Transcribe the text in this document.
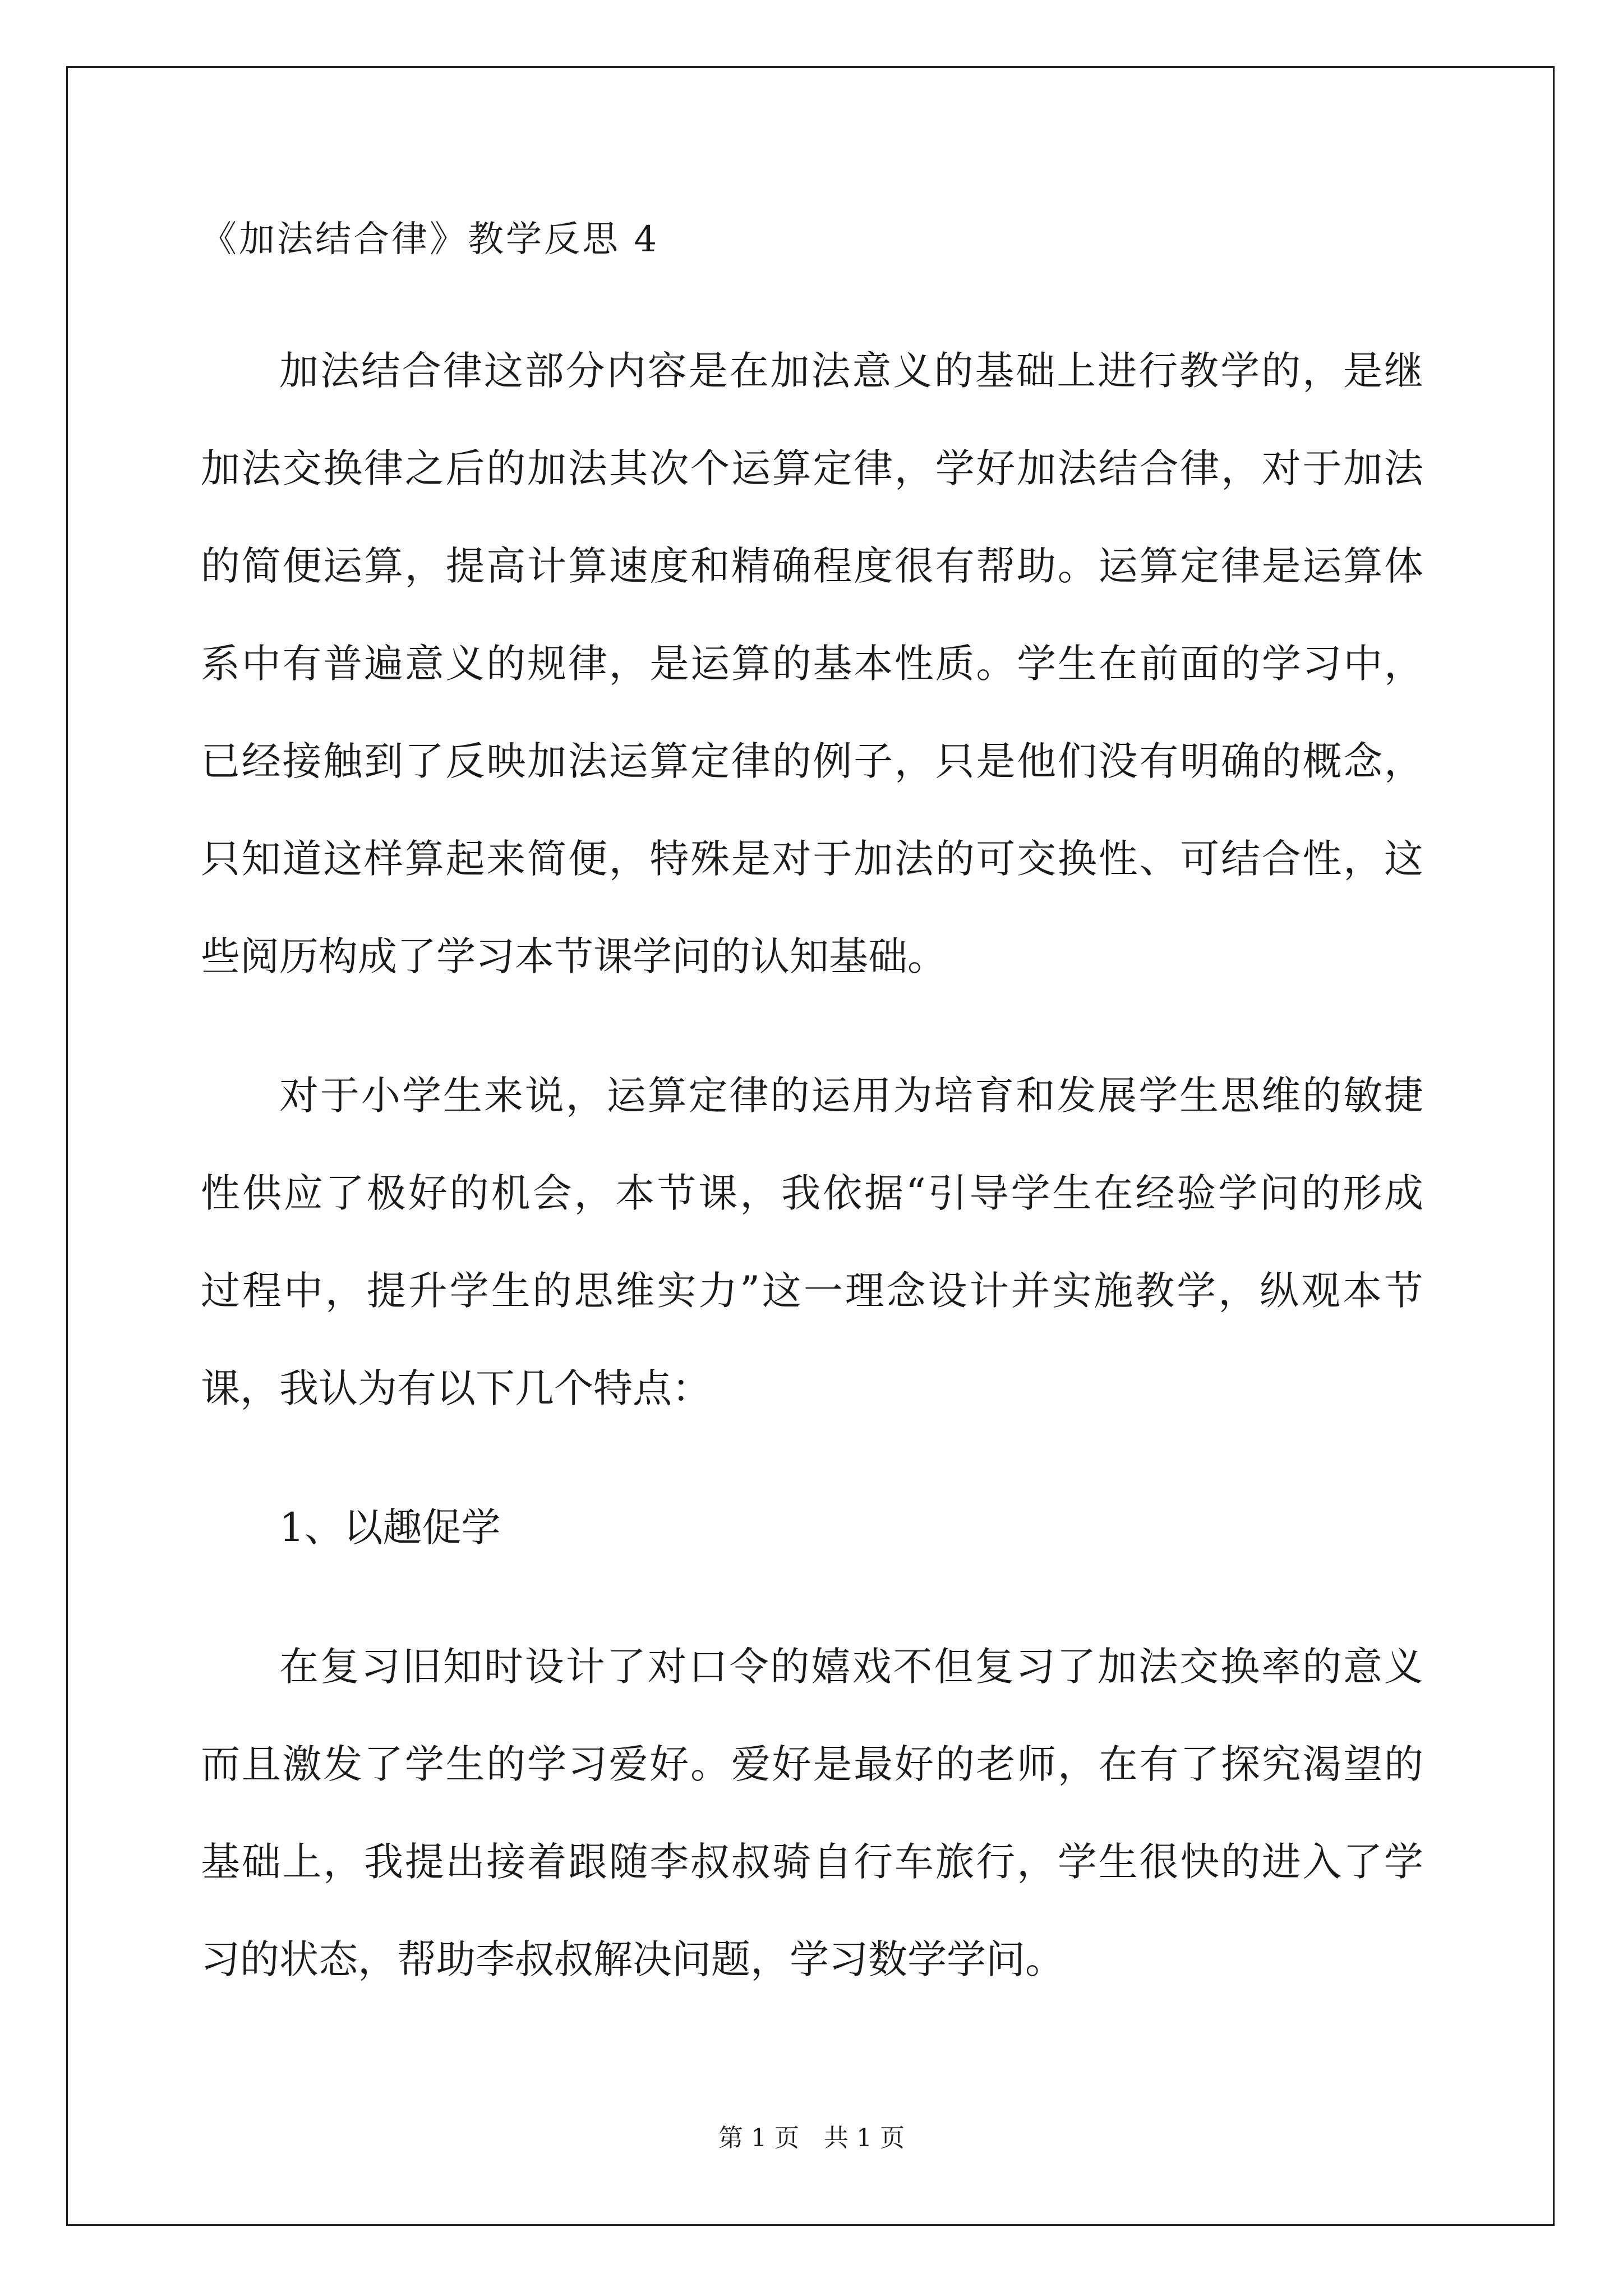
《加法结合律》教学反思 4
加法结合律这部分内容是在加法意义的基础上进行教学的，是继
加法交换律之后的加法其次个运算定律，学好加法结合律，对于加法
的简便运算，提高计算速度和精确程度很有帮助。运算定律是运算体
系中有普遍意义的规律，是运算的基本性质。学生在前面的学习中，
已经接触到了反映加法运算定律的例子，只是他们没有明确的概念，
只知道这样算起来简便，特殊是对于加法的可交换性、可结合性，这
些阅历构成了学习本节课学问的认知基础。
对于小学生来说，运算定律的运用为培育和发展学生思维的敏捷
性供应了极好的机会，本节课，我依据“引导学生在经验学问的形成
过程中，提升学生的思维实力”这一理念设计并实施教学，纵观本节
课，我认为有以下几个特点：
1、以趣促学
在复习旧知时设计了对口令的嬉戏不但复习了加法交换率的意义
而且激发了学生的学习爱好。爱好是最好的老师，在有了探究渴望的
基础上，我提出接着跟随李叔叔骑自行车旅行，学生很快的进入了学
习的状态，帮助李叔叔解决问题，学习数学学问。
第 1 页　共 1 页
